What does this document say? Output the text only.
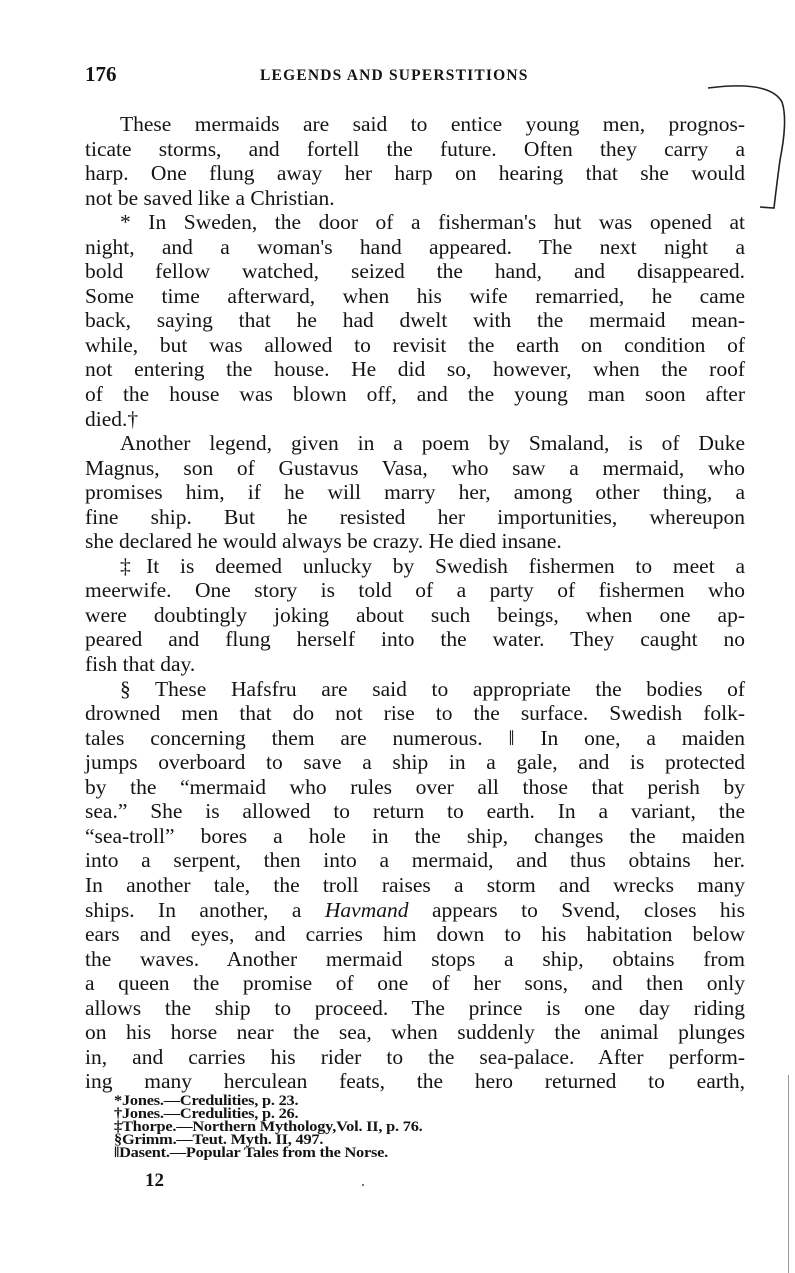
176	LEGENDS AND SUPERSTITIONS
These mermaids are said to entice young men, prognos-
ticate storms, and fortell the future. Often they carry a
harp. One flung away her harp on hearing that she would
not be saved like a Christian.
* In Sweden, the door of a fisherman's hut was opened at
night, and a woman's hand appeared. The next night a
bold fellow watched, seized the hand, and disappeared.
Some time afterward, when his wife remarried, he came
back, saying that he had dwelt with the mermaid mean-
while, but was allowed to revisit the earth on condition of
not entering the house. He did so, however, when the roof
of the house was blown off, and the young man soon after
died.†
Another legend, given in a poem by Smaland, is of Duke
Magnus, son of Gustavus Vasa, who saw a mermaid, who
promises him, if he will marry her, among other thing, a
fine ship. But he resisted her importunities, whereupon
she declared he would always be crazy. He died insane.
‡It is deemed unlucky by Swedish fishermen to meet a
meerwife. One story is told of a party of fishermen who
were doubtingly joking about such beings, when one ap-
peared and flung herself into the water. They caught no
fish that day.
§ These Hafsfru are said to appropriate the bodies of
drowned men that do not rise to the surface. Swedish folk-
tales concerning them are numerous. ‖ In one, a maiden
jumps overboard to save a ship in a gale, and is protected
by the “mermaid who rules over all those that perish by
sea.” She is allowed to return to earth. In a variant, the
“sea-troll” bores a hole in the ship, changes the maiden
into a serpent, then into a mermaid, and thus obtains her.
In another tale, the troll raises a storm and wrecks many
ships. In another, a Havmand appears to Svend, closes his
ears and eyes, and carries him down to his habitation below
the waves. Another mermaid stops a ship, obtains from
a queen the promise of one of her sons, and then only
allows the ship to proceed. The prince is one day riding
on his horse near the sea, when suddenly the animal plunges
in, and carries his rider to the sea-palace. After perform-
ing many herculean feats, the hero returned to earth,
*Jones.—Credulities, p. 23.
†Jones.—Credulities, p. 26.
‡Thorpe.—Northern Mythology,Vol. II, p. 76.
§Grimm.—Teut. Myth. II, 497.
‖Dasent.—Popular Tales from the Norse.
12
